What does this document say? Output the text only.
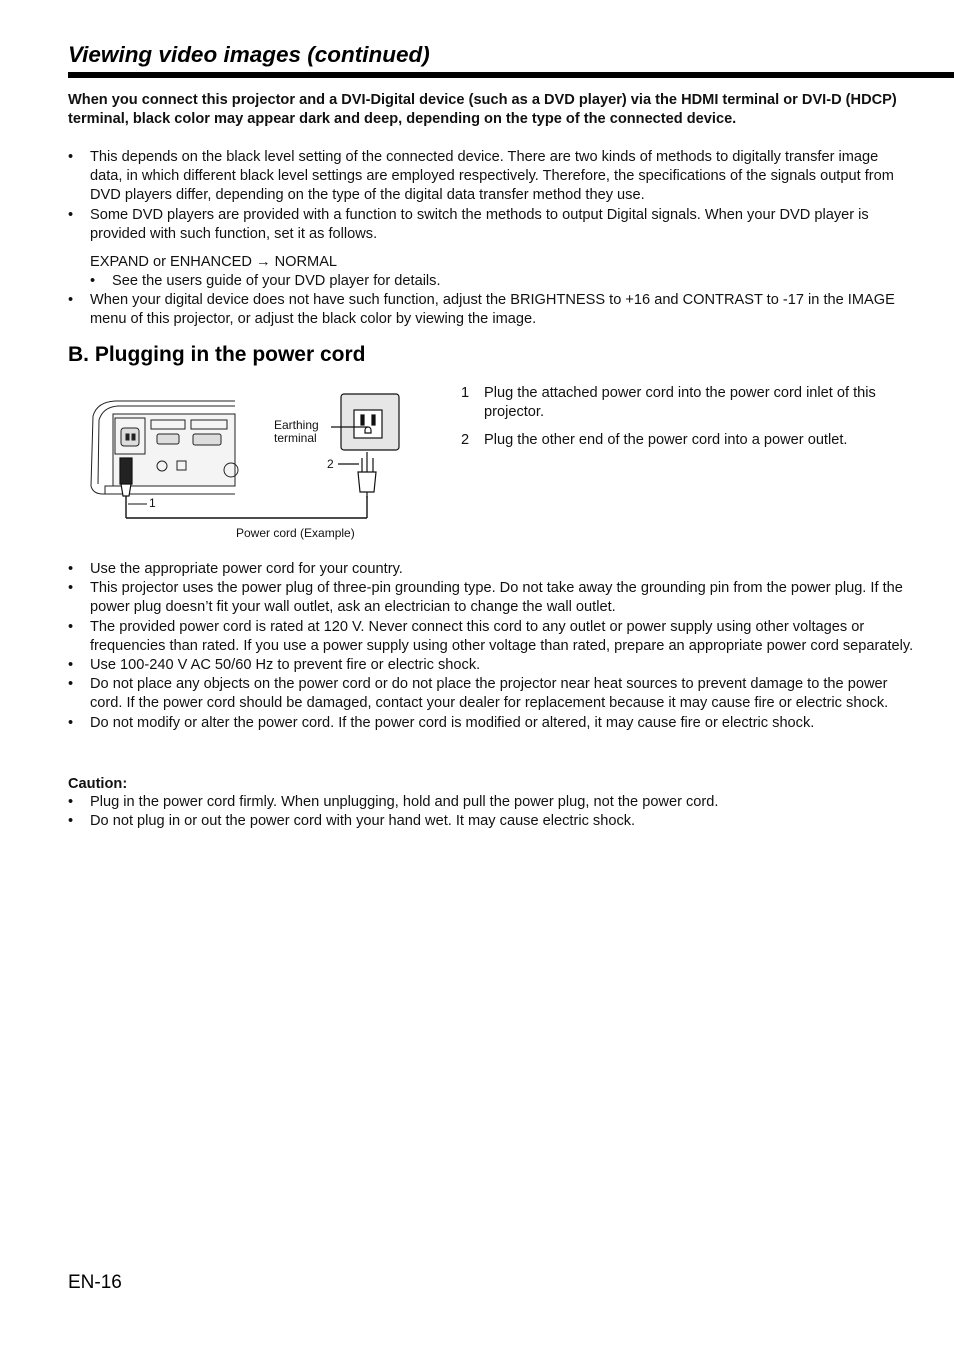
Viewing video images (continued)

When you connect this projector and a DVI-Digital device (such as a DVD player) via the HDMI terminal or DVI-D (HDCP) terminal, black color may appear dark and deep, depending on the type of the connected device.

• This depends on the black level setting of the connected device. There are two kinds of methods to digitally transfer image data, in which different black level settings are employed respectively. Therefore, the specifications of the signals output from DVD players differ, depending on the type of the digital data transfer method they use.
• Some DVD players are provided with a function to switch the methods to output Digital signals. When your DVD player is provided with such function, set it as follows.
EXPAND or ENHANCED → NORMAL
• See the users guide of your DVD player for details.
• When your digital device does not have such function, adjust the BRIGHTNESS to +16 and CONTRAST to -17 in the IMAGE menu of this projector, or adjust the black color by viewing the image.
B. Plugging in the power cord
Earthing terminal
2
1
Power cord (Example)
1 Plug the attached power cord into the power cord inlet of this projector.
2 Plug the other end of the power cord into a power outlet.
• Use the appropriate power cord for your country.
• This projector uses the power plug of three-pin grounding type. Do not take away the grounding pin from the power plug. If the power plug doesn’t fit your wall outlet, ask an electrician to change the wall outlet.
• The provided power cord is rated at 120 V. Never connect this cord to any outlet or power supply using other voltages or frequencies than rated. If you use a power supply using other voltage than rated, prepare an appropriate power cord separately.
• Use 100-240 V AC 50/60 Hz to prevent fire or electric shock.
• Do not place any objects on the power cord or do not place the projector near heat sources to prevent damage to the power cord. If the power cord should be damaged, contact your dealer for replacement because it may cause fire or electric shock.
• Do not modify or alter the power cord. If the power cord is modified or altered, it may cause fire or electric shock.
Caution:
• Plug in the power cord firmly. When unplugging, hold and pull the power plug, not the power cord.
• Do not plug in or out the power cord with your hand wet. It may cause electric shock.
EN-16
